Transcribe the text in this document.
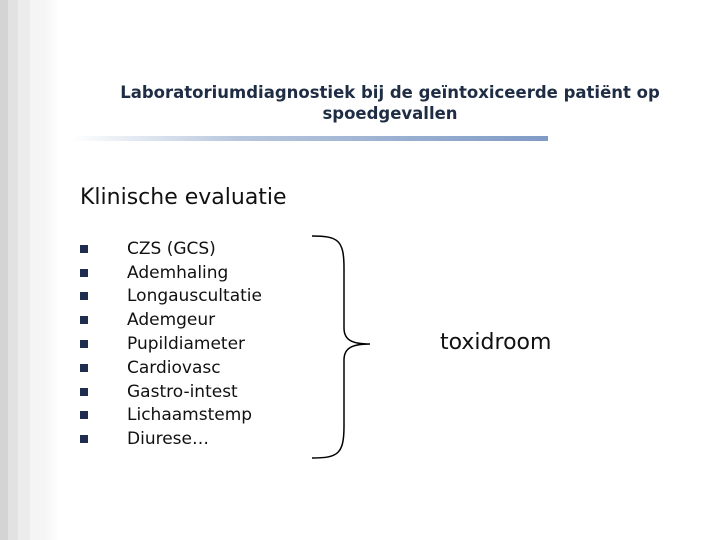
Laboratoriumdiagnostiek bij de geïntoxiceerde patiënt op
spoedgevallen
Klinische evaluatie
CZS (GCS)
Ademhaling
Longauscultatie
Ademgeur
Pupildiameter
Cardiovasc
Gastro-intest
Lichaamstemp
Diurese…
toxidroom
